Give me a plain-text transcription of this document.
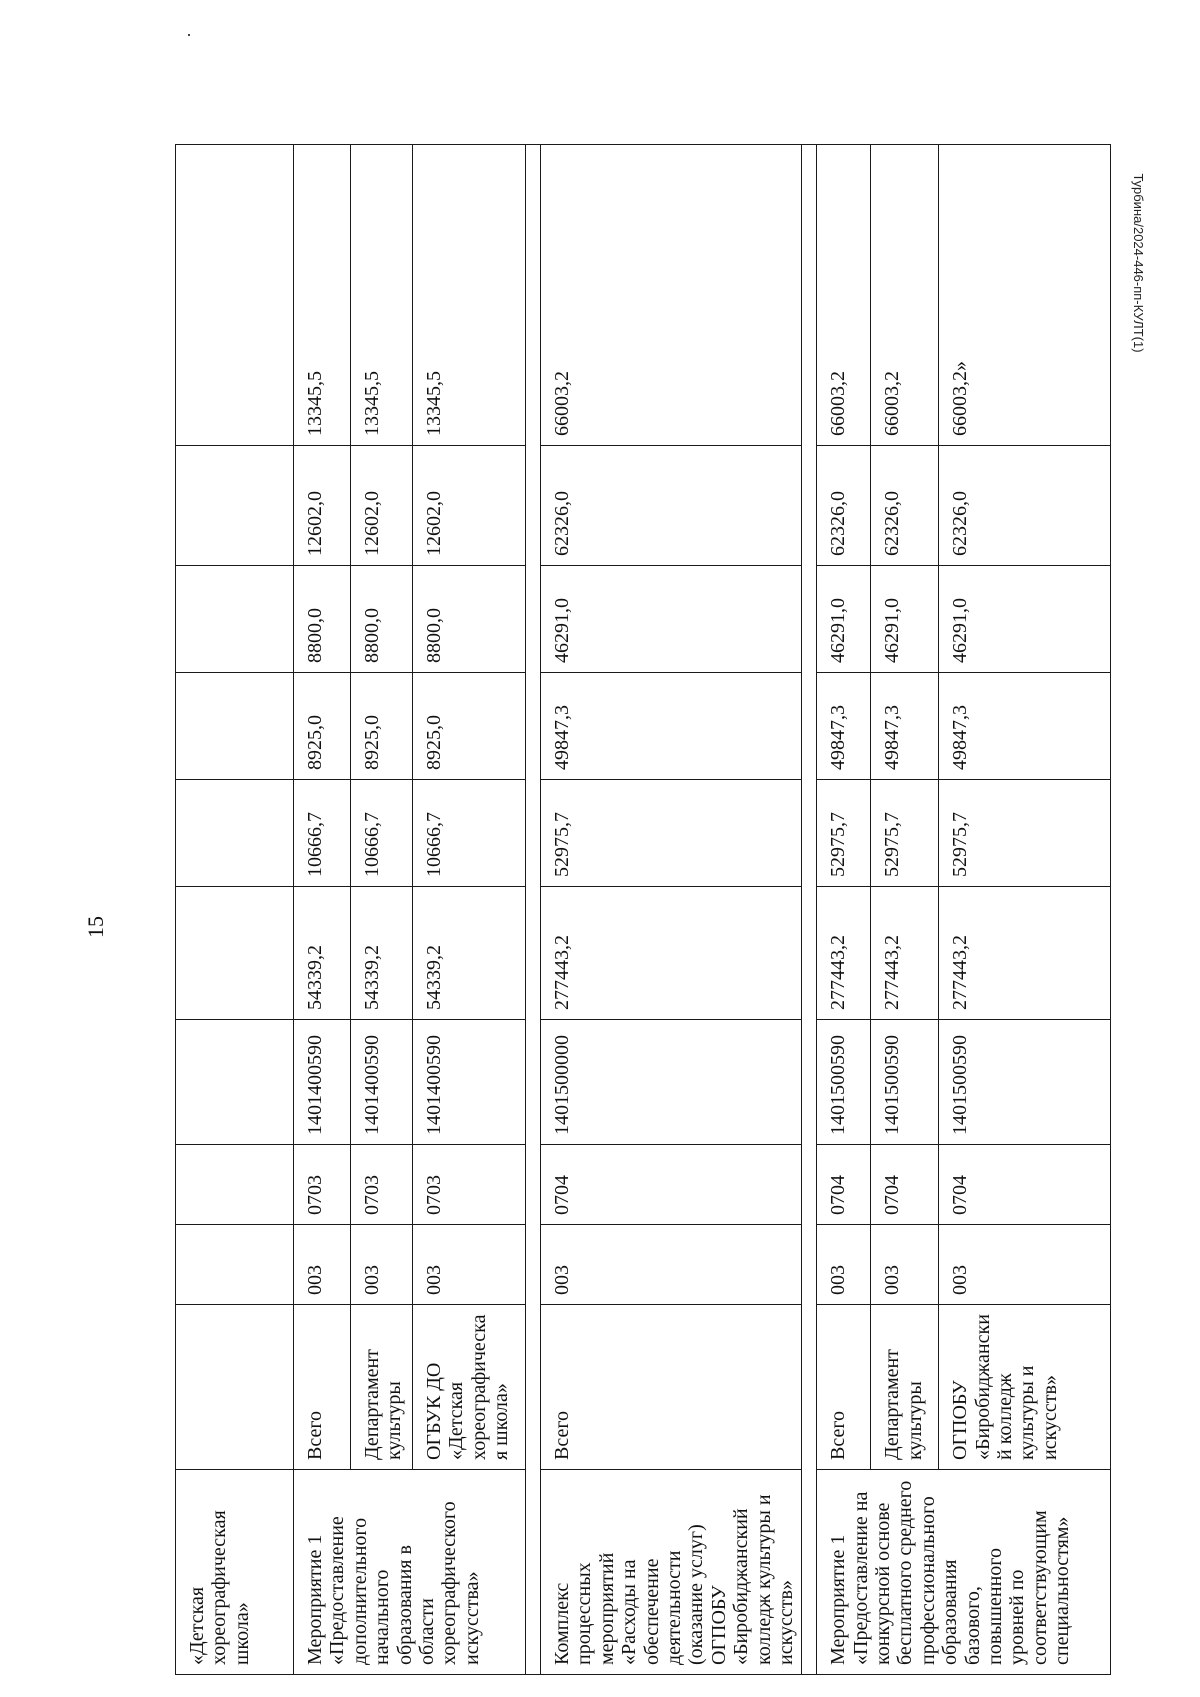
15
Турбина/2024-446-пп-КУЛТ(1)
«Детская хореографическая школа»										
Мероприятие 1 «Предоставление дополнительного начального образования в области хореографического искусства»	Всего	003	0703	1401400590	54339,2	10666,7	8925,0	8800,0	12602,0	13345,5
	Департамент культуры	003	0703	1401400590	54339,2	10666,7	8925,0	8800,0	12602,0	13345,5
	ОГБУК ДО «Детская хореографическая школа»	003	0703	1401400590	54339,2	10666,7	8925,0	8800,0	12602,0	13345,5

Комплекс процессных мероприятий «Расходы на обеспечение деятельности (оказание услуг) ОГПОБУ «Биробиджанский колледж культуры и искусств»	Всего	003	0704	1401500000	277443,2	52975,7	49847,3	46291,0	62326,0	66003,2

Мероприятие 1 «Предоставление на конкурсной основе бесплатного среднего профессионального образования базового, повышенного уровней по соответствующим специальностям»	Всего	003	0704	1401500590	277443,2	52975,7	49847,3	46291,0	62326,0	66003,2
	Департамент культуры	003	0704	1401500590	277443,2	52975,7	49847,3	46291,0	62326,0	66003,2
	ОГПОБУ «Биробиджанский колледж культуры и искусств»	003	0704	1401500590	277443,2	52975,7	49847,3	46291,0	62326,0	66003,2»
